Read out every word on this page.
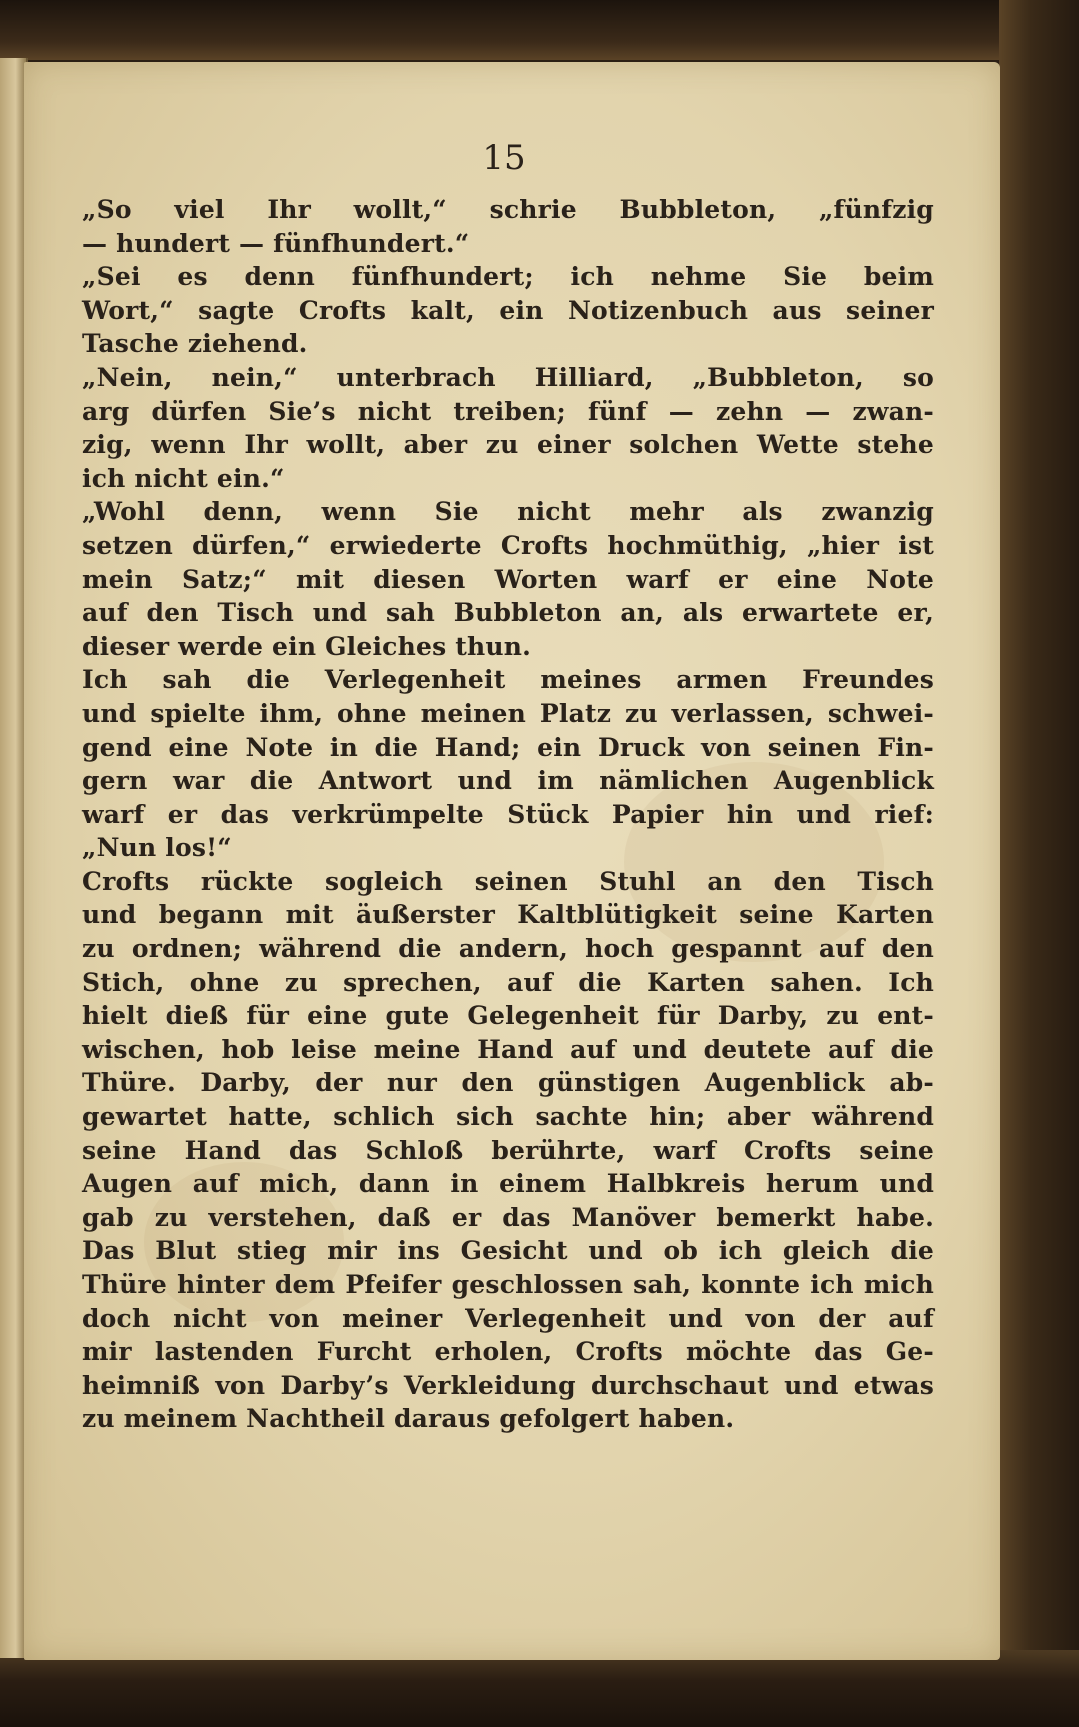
15
„So viel Ihr wollt,“ schrie Bubbleton, „fünfzig
— hundert — fünfhundert.“
„Sei es denn fünfhundert; ich nehme Sie beim
Wort,“ sagte Crofts kalt, ein Notizenbuch aus seiner
Tasche ziehend.
„Nein, nein,“ unterbrach Hilliard, „Bubbleton, so
arg dürfen Sie’s nicht treiben; fünf — zehn — zwan-
zig, wenn Ihr wollt, aber zu einer solchen Wette stehe
ich nicht ein.“
„Wohl denn, wenn Sie nicht mehr als zwanzig
setzen dürfen,“ erwiederte Crofts hochmüthig, „hier ist
mein Satz;“ mit diesen Worten warf er eine Note
auf den Tisch und sah Bubbleton an, als erwartete er,
dieser werde ein Gleiches thun.
Ich sah die Verlegenheit meines armen Freundes
und spielte ihm, ohne meinen Platz zu verlassen, schwei-
gend eine Note in die Hand; ein Druck von seinen Fin-
gern war die Antwort und im nämlichen Augenblick
warf er das verkrümpelte Stück Papier hin und rief:
„Nun los!“
Crofts rückte sogleich seinen Stuhl an den Tisch
und begann mit äußerster Kaltblütigkeit seine Karten
zu ordnen; während die andern, hoch gespannt auf den
Stich, ohne zu sprechen, auf die Karten sahen. Ich
hielt dieß für eine gute Gelegenheit für Darby, zu ent-
wischen, hob leise meine Hand auf und deutete auf die
Thüre. Darby, der nur den günstigen Augenblick ab-
gewartet hatte, schlich sich sachte hin; aber während
seine Hand das Schloß berührte, warf Crofts seine
Augen auf mich, dann in einem Halbkreis herum und
gab zu verstehen, daß er das Manöver bemerkt habe.
Das Blut stieg mir ins Gesicht und ob ich gleich die
Thüre hinter dem Pfeifer geschlossen sah, konnte ich mich
doch nicht von meiner Verlegenheit und von der auf
mir lastenden Furcht erholen, Crofts möchte das Ge-
heimniß von Darby’s Verkleidung durchschaut und etwas
zu meinem Nachtheil daraus gefolgert haben.
